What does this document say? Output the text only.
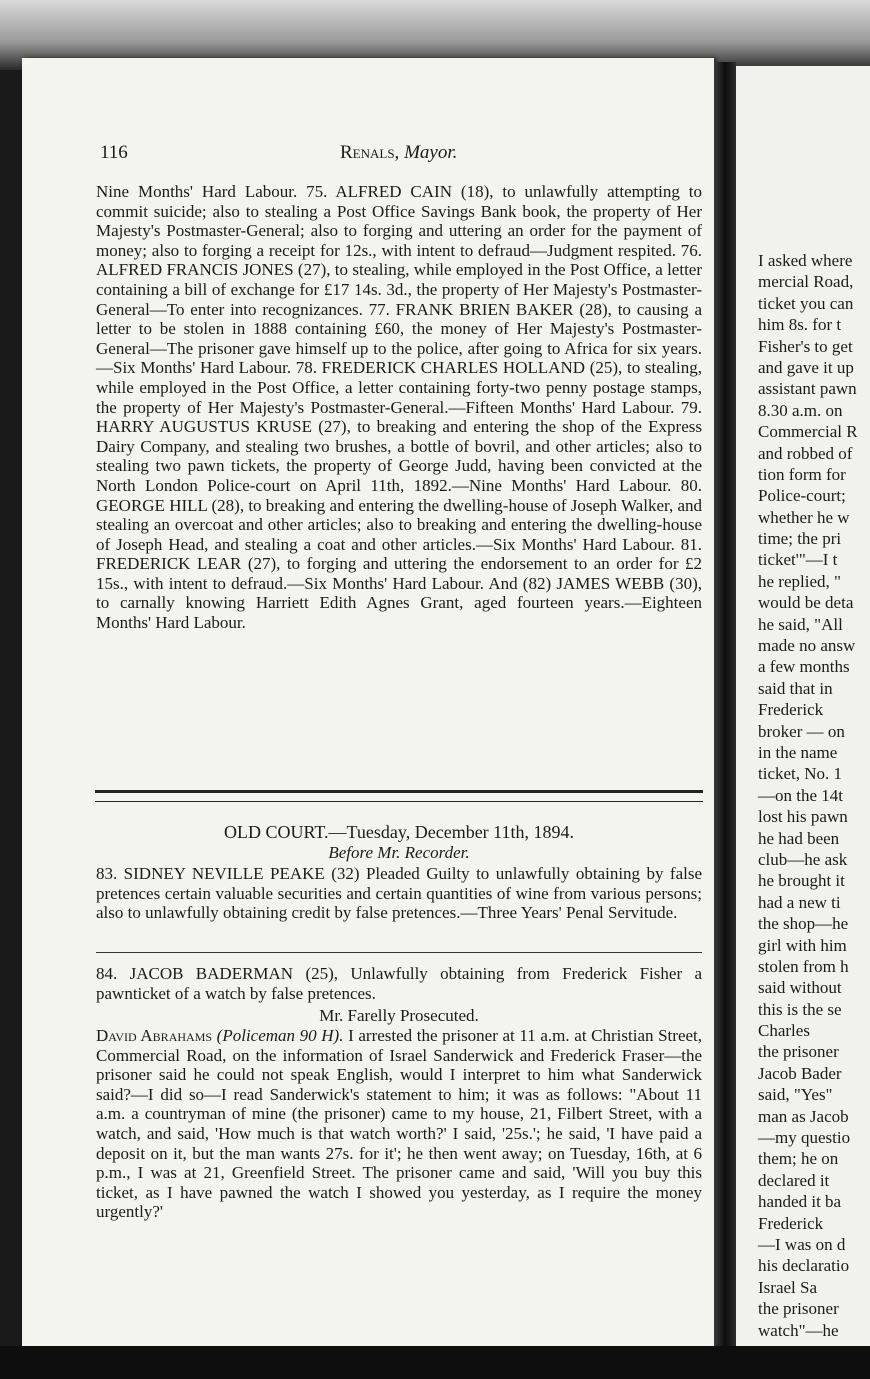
116	Renals, Mayor.

Nine Months' Hard Labour. 75. ALFRED CAIN (18), to unlawfully attempting to commit suicide; also to stealing a Post Office Savings Bank book, the property of Her Majesty's Postmaster-General; also to forging and uttering an order for the payment of money; also to forging a receipt for 12s., with intent to defraud—Judgment respited. 76. ALFRED FRANCIS JONES (27), to stealing, while employed in the Post Office, a letter containing a bill of exchange for £17 14s. 3d., the property of Her Majesty's Postmaster-General—To enter into recognizances. 77. FRANK BRIEN BAKER (28), to causing a letter to be stolen in 1888 containing £60, the money of Her Majesty's Postmaster-General—The prisoner gave himself up to the police, after going to Africa for six years.—Six Months' Hard Labour. 78. FREDERICK CHARLES HOLLAND (25), to stealing, while employed in the Post Office, a letter containing forty-two penny postage stamps, the property of Her Majesty's Postmaster-General.—Fifteen Months' Hard Labour. 79. HARRY AUGUSTUS KRUSE (27), to breaking and entering the shop of the Express Dairy Company, and stealing two brushes, a bottle of bovril, and other articles; also to stealing two pawn tickets, the property of George Judd, having been convicted at the North London Police-court on April 11th, 1892.—Nine Months' Hard Labour. 80. GEORGE HILL (28), to breaking and entering the dwelling-house of Joseph Walker, and stealing an overcoat and other articles; also to breaking and entering the dwelling-house of Joseph Head, and stealing a coat and other articles.—Six Months' Hard Labour. 81. FREDERICK LEAR (27), to forging and uttering the endorsement to an order for £2 15s., with intent to defraud.—Six Months' Hard Labour. And (82) JAMES WEBB (30), to carnally knowing Harriett Edith Agnes Grant, aged fourteen years.—Eighteen Months' Hard Labour.

OLD COURT.—Tuesday, December 11th, 1894.
Before Mr. Recorder.

83. SIDNEY NEVILLE PEAKE (32) Pleaded Guilty to unlawfully obtaining by false pretences certain valuable securities and certain quantities of wine from various persons; also to unlawfully obtaining credit by false pretences.—Three Years' Penal Servitude.

84. JACOB BADERMAN (25), Unlawfully obtaining from Frederick Fisher a pawnticket of a watch by false pretences.

Mr. Farelly Prosecuted.

David Abrahams (Policeman 90 H). I arrested the prisoner at 11 a.m. at Christian Street, Commercial Road, on the information of Israel Sanderwick and Frederick Fraser—the prisoner said he could not speak English, would I interpret to him what Sanderwick said?—I did so—I read Sanderwick's statement to him; it was as follows: "About 11 a.m. a countryman of mine (the prisoner) came to my house, 21, Filbert Street, with a watch, and said, 'How much is that watch worth?' I said, '25s.'; he said, 'I have paid a deposit on it, but the man wants 27s. for it'; he then went away; on Tuesday, 16th, at 6 p.m., I was at 21, Greenfield Street. The prisoner came and said, 'Will you buy this ticket, as I have pawned the watch I showed you yesterday, as I require the money urgently?'

I asked where
mercial Road,
ticket you can
him 8s. for t
Fisher's to get
and gave it up
assistant pawn
8.30 a.m. on
Commercial R
and robbed of
tion form for
Police-court;
whether he w
time; the pri
ticket'"—I t
he replied, "
would be deta
he said, "All
made no answ
a few months
said that in
Frederick
broker — on
in the name
ticket, No. 1
—on the 14t
lost his pawn
he had been
club—he ask
he brought it
had a new ti
the shop—he
girl with him
stolen from h
said without
this is the se
Charles
the prisoner
Jacob Bader
said, "Yes"
man as Jacob
—my questio
them; he on
declared it
handed it ba
Frederick
—I was on d
his declaratio
Israel Sa
the prisoner
watch"—he
